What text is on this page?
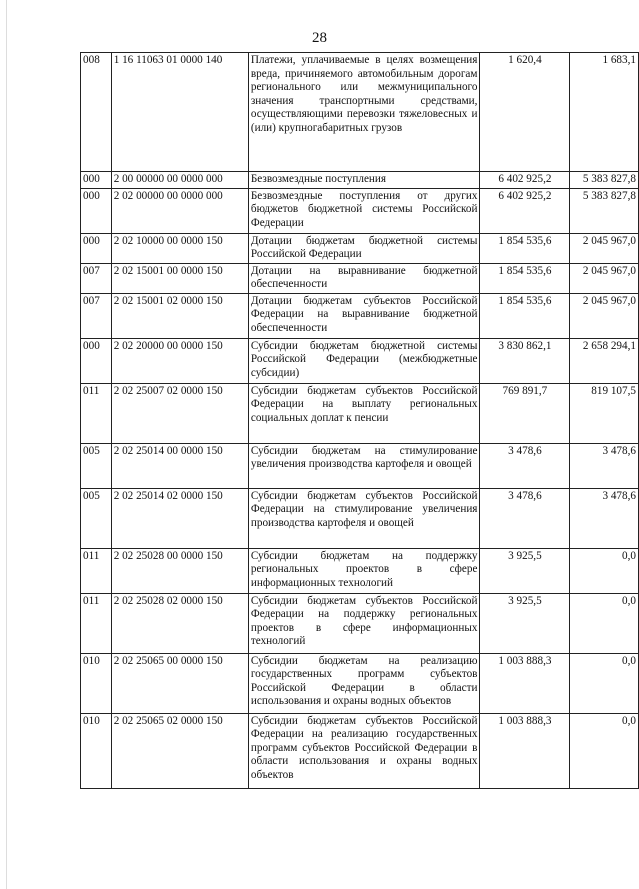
28
008	1 16 11063 01 0000 140	Платежи, уплачиваемые в целях возмещения вреда, причиняемого автомобильным дорогам регионального или межмуниципального значения транспортными средствами, осуществляющими перевозки тяжеловесных и (или) крупногабаритных грузов	1 620,4	1 683,1
000	2 00 00000 00 0000 000	Безвозмездные поступления	6 402 925,2	5 383 827,8
000	2 02 00000 00 0000 000	Безвозмездные поступления от других бюджетов бюджетной системы Российской Федерации	6 402 925,2	5 383 827,8
000	2 02 10000 00 0000 150	Дотации бюджетам бюджетной системы Российской Федерации	1 854 535,6	2 045 967,0
007	2 02 15001 00 0000 150	Дотации на выравнивание бюджетной обеспеченности	1 854 535,6	2 045 967,0
007	2 02 15001 02 0000 150	Дотации бюджетам субъектов Российской Федерации на выравнивание бюджетной обеспеченности	1 854 535,6	2 045 967,0
000	2 02 20000 00 0000 150	Субсидии бюджетам бюджетной системы Российской Федерации (межбюджетные субсидии)	3 830 862,1	2 658 294,1
011	2 02 25007 02 0000 150	Субсидии бюджетам субъектов Российской Федерации на выплату региональных социальных доплат к пенсии	769 891,7	819 107,5
005	2 02 25014 00 0000 150	Субсидии бюджетам на стимулирование увеличения производства картофеля и овощей	3 478,6	3 478,6
005	2 02 25014 02 0000 150	Субсидии бюджетам субъектов Российской Федерации на стимулирование увеличения производства картофеля и овощей	3 478,6	3 478,6
011	2 02 25028 00 0000 150	Субсидии бюджетам на поддержку региональных проектов в сфере информационных технологий	3 925,5	0,0
011	2 02 25028 02 0000 150	Субсидии бюджетам субъектов Российской Федерации на поддержку региональных проектов в сфере информационных технологий	3 925,5	0,0
010	2 02 25065 00 0000 150	Субсидии бюджетам на реализацию государственных программ субъектов Российской Федерации в области использования и охраны водных объектов	1 003 888,3	0,0
010	2 02 25065 02 0000 150	Субсидии бюджетам субъектов Российской Федерации на реализацию государственных программ субъектов Российской Федерации в области использования и охраны водных объектов	1 003 888,3	0,0
